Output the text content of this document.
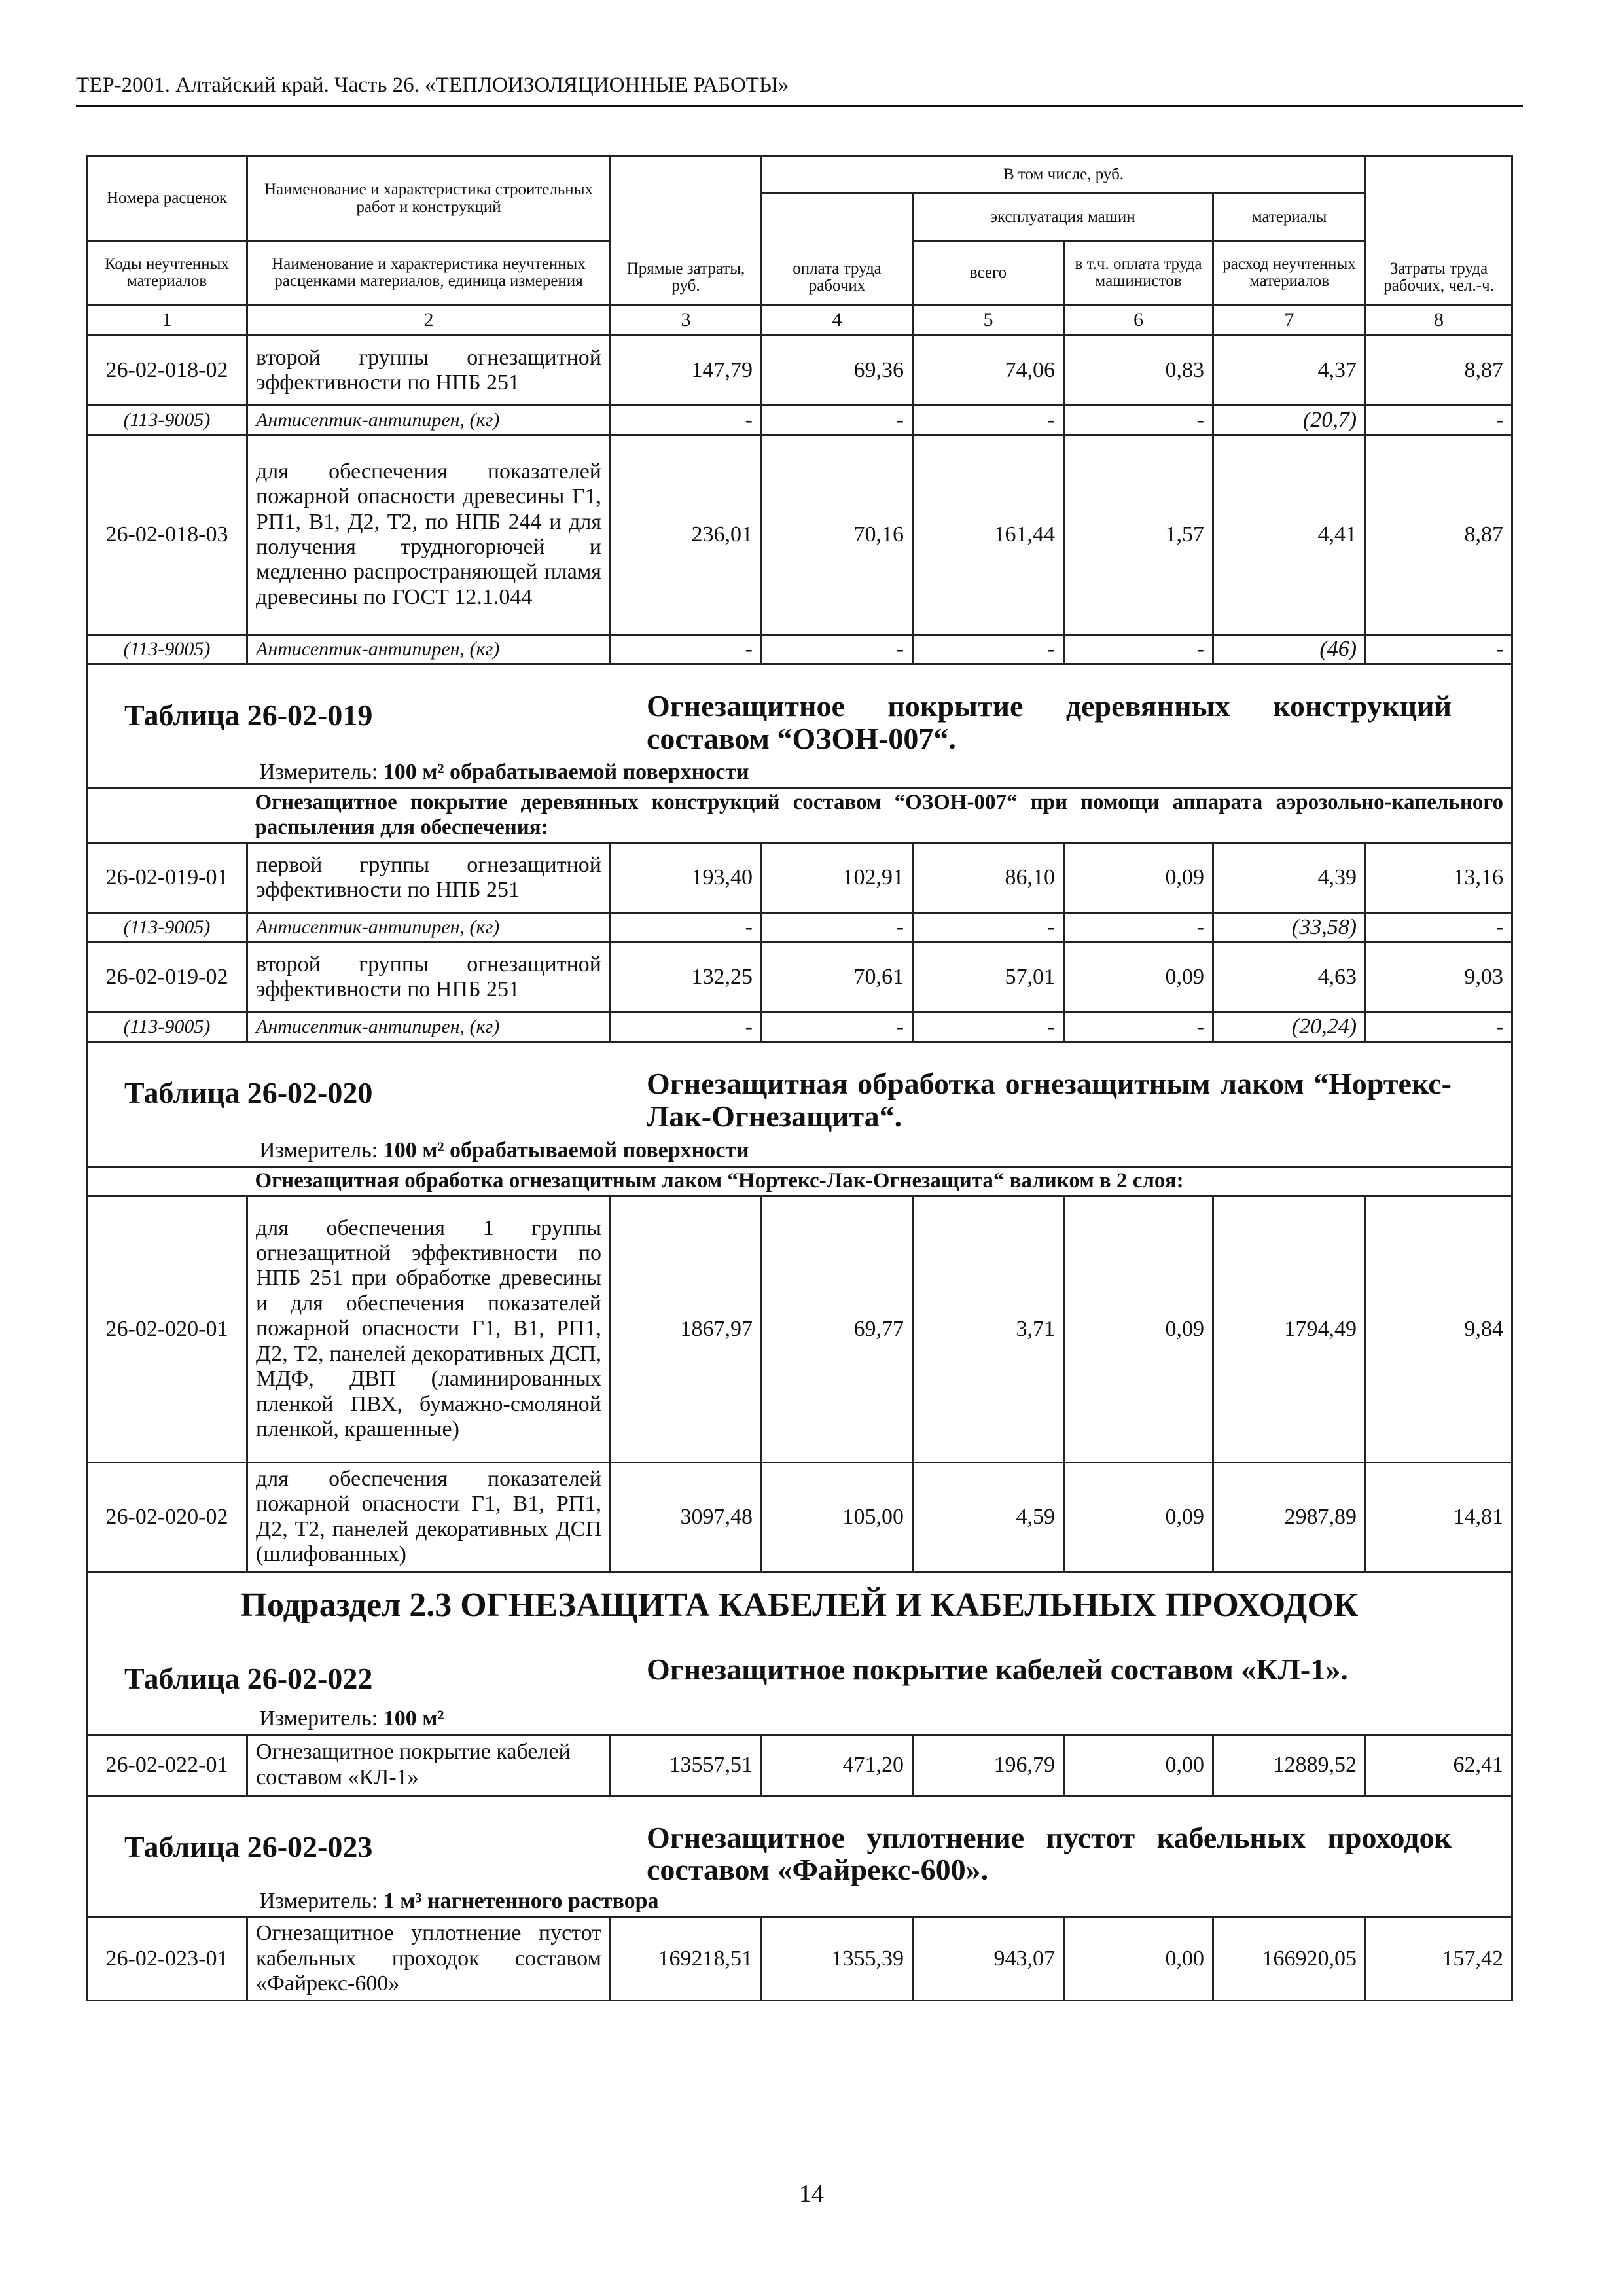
ТЕР-2001. Алтайский край. Часть 26. «ТЕПЛОИЗОЛЯЦИОННЫЕ РАБОТЫ»
Номера расценок	Наименование и характеристика строительных работ и конструкций	Прямые затраты, руб.	В том числе, руб.				Затраты труда рабочих, чел.-ч.
			оплата труда рабочих	эксплуатация машин		материалы	
Коды неучтенных материалов	Наименование и характеристика неучтенных расценками материалов, единица измерения			всего	в т.ч. оплата труда машинистов	расход неучтенных материалов	
1	2	3	4	5	6	7	8
26-02-018-02	второй группы огнезащитной эффективности по НПБ 251	147,79	69,36	74,06	0,83	4,37	8,87
(113-9005)	Антисептик-антипирен, (кг)	-	-	-	-	(20,7)	-
26-02-018-03	для обеспечения показателей пожарной опасности древесины Г1, РП1, В1, Д2, Т2, по НПБ 244 и для получения трудногорючей и медленно распространяющей пламя древесины по ГОСТ 12.1.044	236,01	70,16	161,44	1,57	4,41	8,87
(113-9005)	Антисептик-антипирен, (кг)	-	-	-	-	(46)	-

Таблица 26-02-019 Огнезащитное покрытие деревянных конструкций составом “ОЗОН-007“.
Измеритель: 100 м² обрабатываемой поверхности							

	Огнезащитное покрытие деревянных конструкций составом “ОЗОН-007“ при помощи аппарата аэрозольно-капельного распыления для обеспечения:						
26-02-019-01	первой группы огнезащитной эффективности по НПБ 251	193,40	102,91	86,10	0,09	4,39	13,16
(113-9005)	Антисептик-антипирен, (кг)	-	-	-	-	(33,58)	-
26-02-019-02	второй группы огнезащитной эффективности по НПБ 251	132,25	70,61	57,01	0,09	4,63	9,03
(113-9005)	Антисептик-антипирен, (кг)	-	-	-	-	(20,24)	-

Таблица 26-02-020 Огнезащитная обработка огнезащитным лаком “Нортекс-Лак-Огнезащита“.
Измеритель: 100 м² обрабатываемой поверхности							

	Огнезащитная обработка огнезащитным лаком “Нортекс-Лак-Огнезащита“ валиком в 2 слоя:						
26-02-020-01	для обеспечения 1 группы огнезащитной эффективности по НПБ 251 при обработке древесины и для обеспечения показателей пожарной опасности Г1, В1, РП1, Д2, Т2, панелей декоративных ДСП, МДФ, ДВП (ламинированных пленкой ПВХ, бумажно-смоляной пленкой, крашенные)	1867,97	69,77	3,71	0,09	1794,49	9,84
26-02-020-02	для обеспечения показателей пожарной опасности Г1, В1, РП1, Д2, Т2, панелей декоративных ДСП (шлифованных)	3097,48	105,00	4,59	0,09	2987,89	14,81

Подраздел 2.3 ОГНЕЗАЩИТА КАБЕЛЕЙ И КАБЕЛЬНЫХ ПРОХОДОК
Таблица 26-02-022 Огнезащитное покрытие кабелей составом «КЛ-1».
Измеритель: 100 м²							

26-02-022-01	Огнезащитное покрытие кабелей составом «КЛ-1»	13557,51	471,20	196,79	0,00	12889,52	62,41

Таблица 26-02-023 Огнезащитное уплотнение пустот кабельных проходок составом «Файрекс-600».
Измеритель: 1 м³ нагнетенного раствора							

26-02-023-01	Огнезащитное уплотнение пустот кабельных проходок составом «Файрекс-600»	169218,51	1355,39	943,07	0,00	166920,05	157,42
14
